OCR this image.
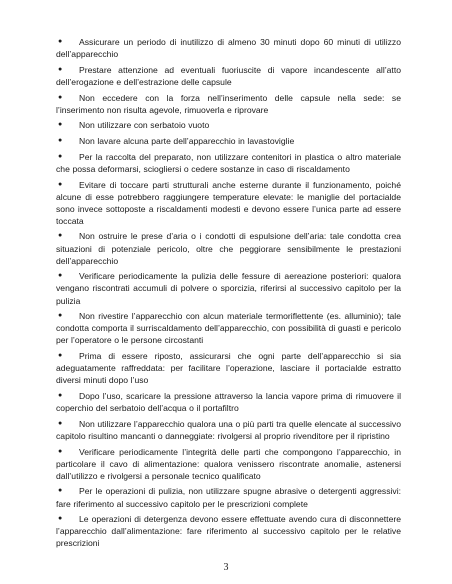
● Assicurare un periodo di inutilizzo di almeno 30 minuti dopo 60 minuti di utilizzo dell’apparecchio
● Prestare attenzione ad eventuali fuoriuscite di vapore incandescente all’atto dell’erogazione e dell’estrazione delle capsule
● Non eccedere con la forza nell’inserimento delle capsule nella sede: se l’inserimento non risulta agevole, rimuoverla e riprovare
● Non utilizzare con serbatoio vuoto
● Non lavare alcuna parte dell’apparecchio in lavastoviglie
● Per la raccolta del preparato, non utilizzare contenitori in plastica o altro materiale che possa deformarsi, sciogliersi o cedere sostanze in caso di riscaldamento
● Evitare di toccare parti strutturali anche esterne durante il funzionamento, poiché alcune di esse potrebbero raggiungere temperature elevate: le maniglie del portacialde sono invece sottoposte a riscaldamenti modesti e devono essere l’unica parte ad essere toccata
● Non ostruire le prese d’aria o i condotti di espulsione dell’aria: tale condotta crea situazioni di potenziale pericolo, oltre che peggiorare sensibilmente le prestazioni dell’apparecchio
● Verificare periodicamente la pulizia delle fessure di aereazione posteriori: qualora vengano riscontrati accumuli di polvere o sporcizia, riferirsi al successivo capitolo per la pulizia
● Non rivestire l’apparecchio con alcun materiale termoriflettente (es. alluminio); tale condotta comporta il surriscaldamento dell’apparecchio, con possibilità di guasti e pericolo per l’operatore o le persone circostanti
● Prima di essere riposto, assicurarsi che ogni parte dell’apparecchio si sia adeguatamente raffreddata: per facilitare l’operazione, lasciare il portacialde estratto diversi minuti dopo l’uso
● Dopo l’uso, scaricare la pressione attraverso la lancia vapore prima di rimuovere il coperchio del serbatoio dell’acqua o il portafiltro
● Non utilizzare l’apparecchio qualora una o più parti tra quelle elencate al successivo capitolo risultino mancanti o danneggiate: rivolgersi al proprio rivenditore per il ripristino
● Verificare periodicamente l’integrità delle parti che compongono l’apparecchio, in particolare il cavo di alimentazione: qualora venissero riscontrate anomalie, astenersi dall’utilizzo e rivolgersi a personale tecnico qualificato
● Per le operazioni di pulizia, non utilizzare spugne abrasive o detergenti aggressivi: fare riferimento al successivo capitolo per le prescrizioni complete
● Le operazioni di detergenza devono essere effettuate avendo cura di disconnettere l’apparecchio dall’alimentazione: fare riferimento al successivo capitolo per le relative prescrizioni
3
